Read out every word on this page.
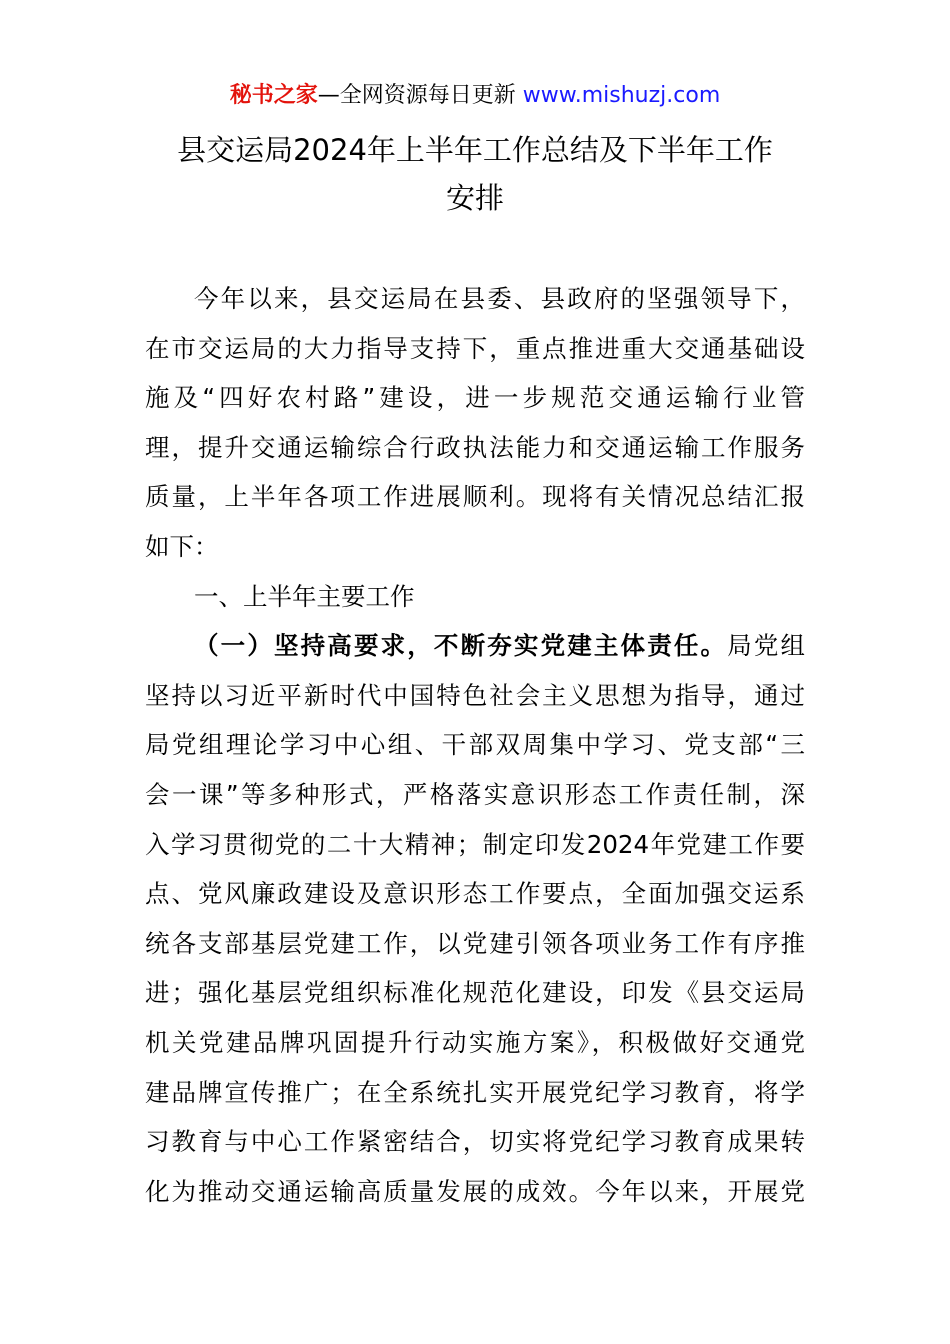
秘书之家—全网资源每日更新 www.mishuzj.com
县交运局2024年上半年工作总结及下半年工作
安排
今年以来，县交运局在县委、县政府的坚强领导下，
在市交运局的大力指导支持下，重点推进重大交通基础设
施及“四好农村路”建设，进一步规范交通运输行业管
理，提升交通运输综合行政执法能力和交通运输工作服务
质量，上半年各项工作进展顺利。现将有关情况总结汇报
如下：
一、上半年主要工作
（一）坚持高要求，不断夯实党建主体责任。局党组
坚持以习近平新时代中国特色社会主义思想为指导，通过
局党组理论学习中心组、干部双周集中学习、党支部“三
会一课”等多种形式，严格落实意识形态工作责任制，深
入学习贯彻党的二十大精神；制定印发2024年党建工作要
点、党风廉政建设及意识形态工作要点，全面加强交运系
统各支部基层党建工作，以党建引领各项业务工作有序推
进；强化基层党组织标准化规范化建设，印发《县交运局
机关党建品牌巩固提升行动实施方案》，积极做好交通党
建品牌宣传推广；在全系统扎实开展党纪学习教育，将学
习教育与中心工作紧密结合，切实将党纪学习教育成果转
化为推动交通运输高质量发展的成效。今年以来，开展党
